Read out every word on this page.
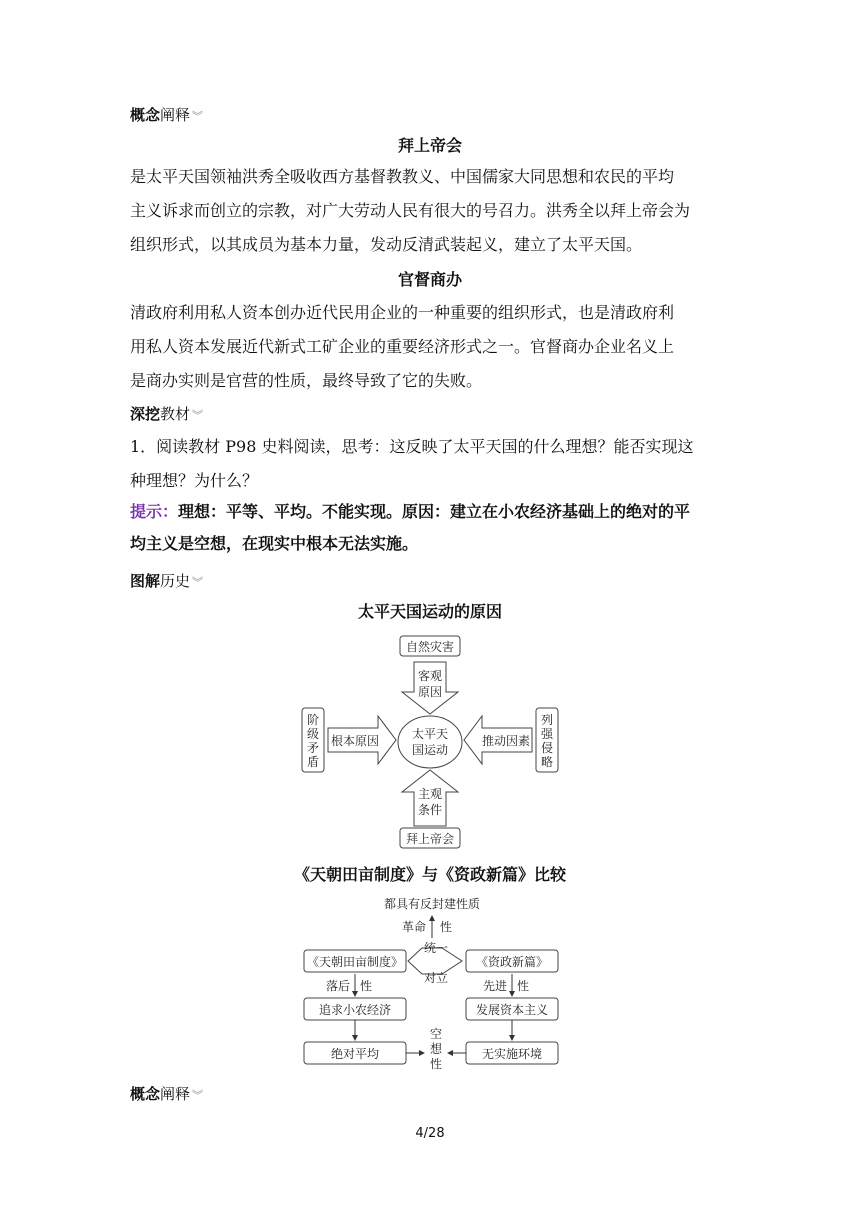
概念阐释 ︾
拜上帝会
是太平天国领袖洪秀全吸收西方基督教教义、中国儒家大同思想和农民的平均
主义诉求而创立的宗教，对广大劳动人民有很大的号召力。洪秀全以拜上帝会为
组织形式，以其成员为基本力量，发动反清武装起义，建立了太平天国。
官督商办
清政府利用私人资本创办近代民用企业的一种重要的组织形式，也是清政府利
用私人资本发展近代新式工矿企业的重要经济形式之一。官督商办企业名义上
是商办实则是官营的性质，最终导致了它的失败。
深挖教材 ︾
1．阅读教材 P98 史料阅读，思考：这反映了太平天国的什么理想？能否实现这
种理想？为什么？
提示：理想：平等、平均。不能实现。原因：建立在小农经济基础上的绝对的平
均主义是空想，在现实中根本无法实施。
图解历史 ︾
太平天国运动的原因
自然灾害
客观
原因
太平天
国运动
阶
级
矛
盾
根本原因
列
强
侵
略
推动因素
主观
条件
拜上帝会
《天朝田亩制度》与《资政新篇》比较
都具有反封建性质
革命 性
《天朝田亩制度》	《资政新篇》
统一
对立
落后 性	先进 性
追求小农经济	发展资本主义
绝对平均	无实施环境
空
想
性
概念阐释 ︾
4/28
